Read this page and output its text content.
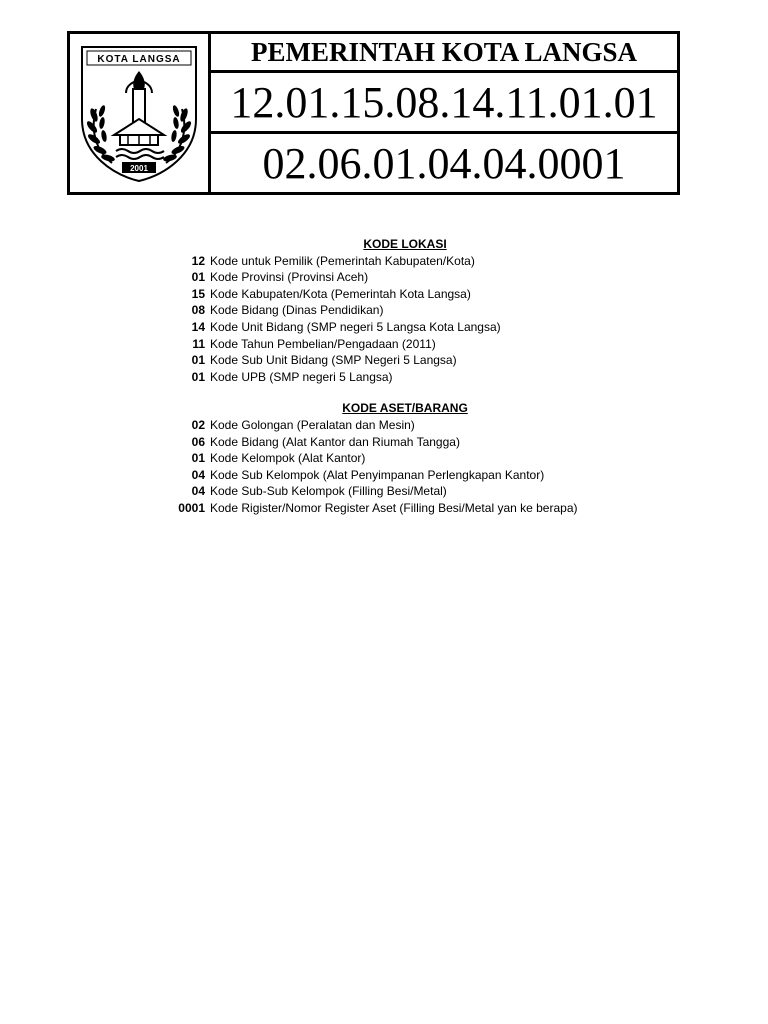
KOTA LANGSA
2001
PEMERINTAH KOTA LANGSA
12.01.15.08.14.11.01.01
02.06.01.04.04.0001
KODE LOKASI
12 Kode untuk Pemilik (Pemerintah Kabupaten/Kota)
01 Kode Provinsi (Provinsi Aceh)
15 Kode Kabupaten/Kota (Pemerintah Kota Langsa)
08 Kode Bidang (Dinas Pendidikan)
14 Kode Unit Bidang (SMP negeri 5 Langsa Kota Langsa)
11 Kode Tahun Pembelian/Pengadaan (2011)
01 Kode Sub Unit Bidang (SMP Negeri 5 Langsa)
01 Kode UPB (SMP negeri 5 Langsa)
KODE ASET/BARANG
02 Kode Golongan (Peralatan dan Mesin)
06 Kode Bidang (Alat Kantor dan Riumah Tangga)
01 Kode Kelompok (Alat Kantor)
04 Kode Sub Kelompok (Alat Penyimpanan Perlengkapan Kantor)
04 Kode Sub-Sub Kelompok (Filling Besi/Metal)
0001 Kode Rigister/Nomor Register Aset (Filling Besi/Metal yan ke berapa)
